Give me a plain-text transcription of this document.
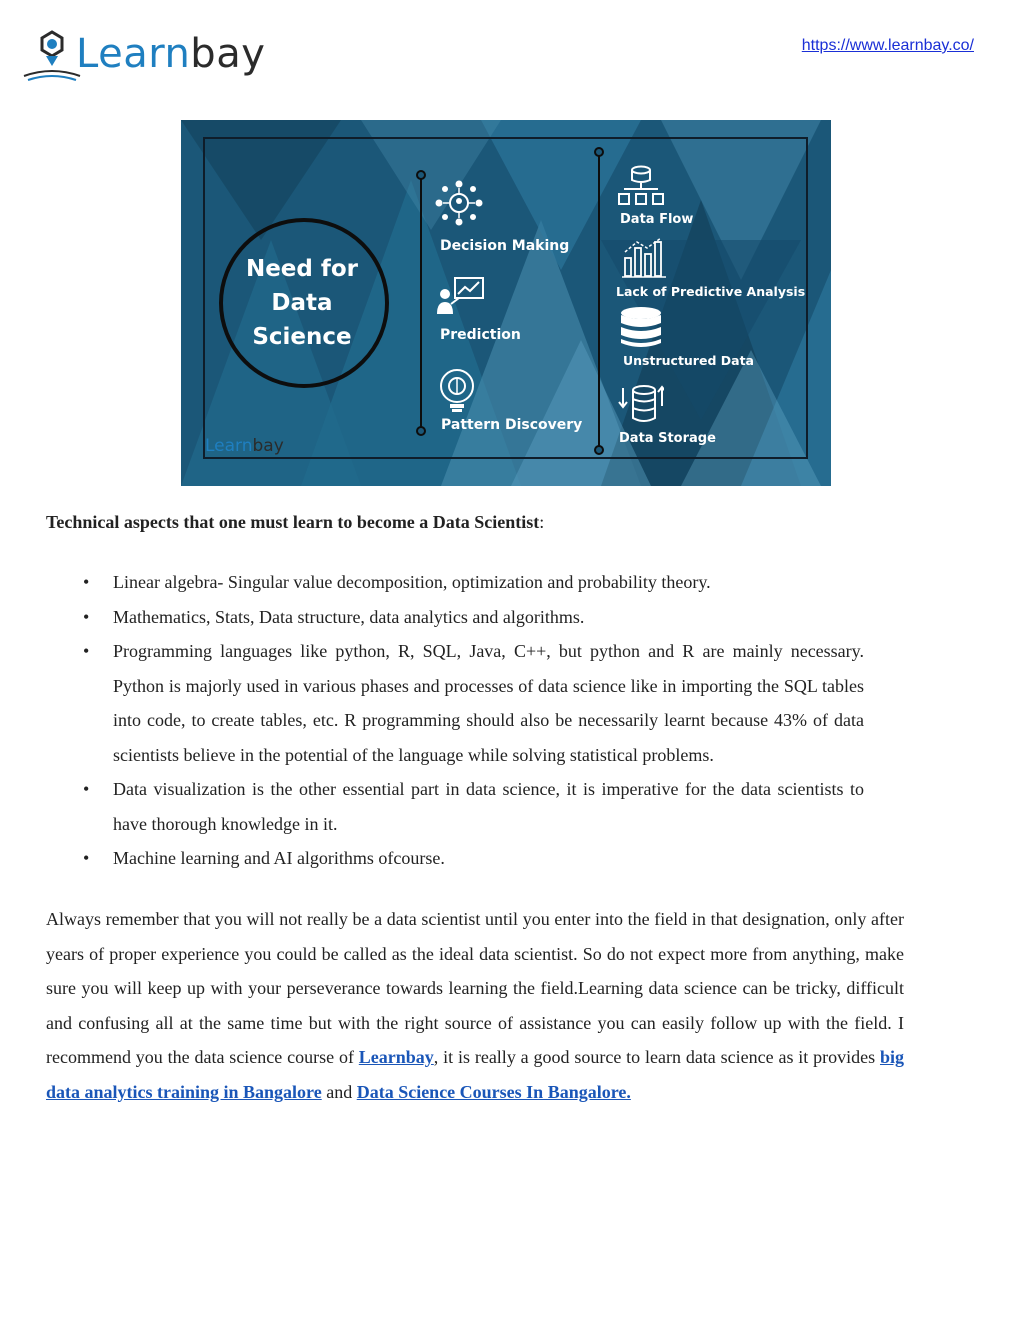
Learnbay	https://www.learnbay.co/
Need for
Data Science
Decision Making
Prediction
Pattern Discovery
Data Flow
Lack of Predictive Analysis
Unstructured Data
Data Storage
Learnbay
Technical aspects that one must learn to become a Data Scientist:
• Linear algebra- Singular value decomposition, optimization and probability theory.
• Mathematics, Stats, Data structure, data analytics and algorithms.
• Programming languages like python, R, SQL, Java, C++, but python and R are mainly necessary. Python is majorly used in various phases and processes of data science like in importing the SQL tables into code, to create tables, etc. R programming should also be necessarily learnt because 43% of data scientists believe in the potential of the language while solving statistical problems.
• Data visualization is the other essential part in data science, it is imperative for the data scientists to have thorough knowledge in it.
• Machine learning and AI algorithms ofcourse.

Always remember that you will not really be a data scientist until you enter into the field in that designation, only after years of proper experience you could be called as the ideal data scientist. So do not expect more from anything, make sure you will keep up with your perseverance towards learning the field.Learning data science can be tricky, difficult and confusing all at the same time but with the right source of assistance you can easily follow up with the field. I recommend you the data science course of Learnbay, it is really a good source to learn data science as it provides big data analytics training in Bangalore and Data Science Courses In Bangalore.
